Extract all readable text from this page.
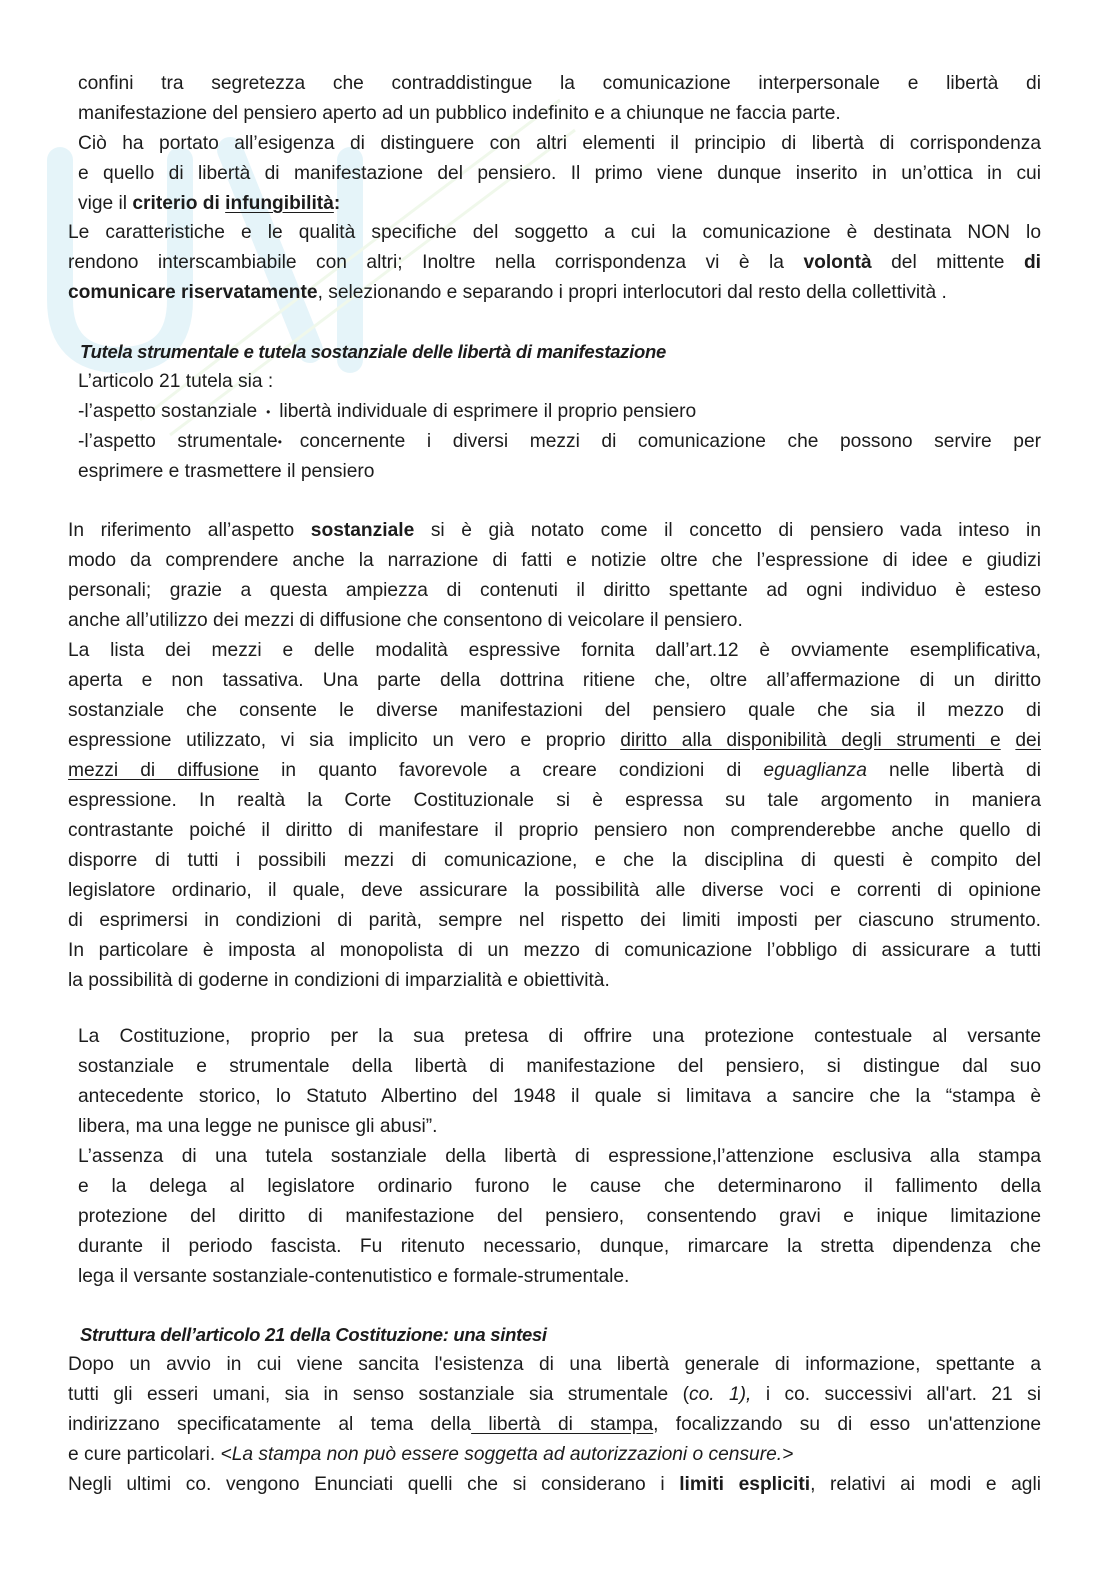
confini tra segretezza che contraddistingue la comunicazione interpersonale e libertà di
manifestazione del pensiero aperto ad un pubblico indefinito e a chiunque ne faccia parte.
Ciò ha portato all’esigenza di distinguere con altri elementi il principio di libertà di corrispondenza
e quello di libertà di manifestazione del pensiero. Il primo viene dunque inserito in un’ottica in cui
vige il criterio di infungibilità:
Le caratteristiche e le qualità specifiche del soggetto a cui la comunicazione è destinata NON lo
rendono interscambiabile con altri; Inoltre nella corrispondenza vi è la volontà del mittente di
comunicare riservatamente, selezionando e separando i propri interlocutori dal resto della collettività .
Tutela strumentale e tutela sostanziale delle libertà di manifestazione
L’articolo 21 tutela sia :
-l’aspetto sostanziale • libertà individuale di esprimere il proprio pensiero
-l’aspetto strumentale• concernente i diversi mezzi di comunicazione che possono servire per
esprimere e trasmettere il pensiero
In riferimento all’aspetto sostanziale si è già notato come il concetto di pensiero vada inteso in
modo da comprendere anche la narrazione di fatti e notizie oltre che l’espressione di idee e giudizi
personali; grazie a questa ampiezza di contenuti il diritto spettante ad ogni individuo è esteso
anche all’utilizzo dei mezzi di diffusione che consentono di veicolare il pensiero.
La lista dei mezzi e delle modalità espressive fornita dall’art.12 è ovviamente esemplificativa,
aperta e non tassativa. Una parte della dottrina ritiene che, oltre all’affermazione di un diritto
sostanziale che consente le diverse manifestazioni del pensiero quale che sia il mezzo di
espressione utilizzato, vi sia implicito un vero e proprio diritto alla disponibilità degli strumenti e dei
mezzi di diffusione in quanto favorevole a creare condizioni di eguaglianza nelle libertà di
espressione. In realtà la Corte Costituzionale si è espressa su tale argomento in maniera
contrastante poiché il diritto di manifestare il proprio pensiero non comprenderebbe anche quello di
disporre di tutti i possibili mezzi di comunicazione, e che la disciplina di questi è compito del
legislatore ordinario, il quale, deve assicurare la possibilità alle diverse voci e correnti di opinione
di esprimersi in condizioni di parità, sempre nel rispetto dei limiti imposti per ciascuno strumento.
In particolare è imposta al monopolista di un mezzo di comunicazione l’obbligo di assicurare a tutti
la possibilità di goderne in condizioni di imparzialità e obiettività.
La Costituzione, proprio per la sua pretesa di offrire una protezione contestuale al versante
sostanziale e strumentale della libertà di manifestazione del pensiero, si distingue dal suo
antecedente storico, lo Statuto Albertino del 1948 il quale si limitava a sancire che la “stampa è
libera, ma una legge ne punisce gli abusi”.
L’assenza di una tutela sostanziale della libertà di espressione,l’attenzione esclusiva alla stampa
e la delega al legislatore ordinario furono le cause che determinarono il fallimento della
protezione del diritto di manifestazione del pensiero, consentendo gravi e inique limitazione
durante il periodo fascista. Fu ritenuto necessario, dunque, rimarcare la stretta dipendenza che
lega il versante sostanziale-contenutistico e formale-strumentale.
Struttura dell’articolo 21 della Costituzione: una sintesi
Dopo un avvio in cui viene sancita l'esistenza di una libertà generale di informazione, spettante a
tutti gli esseri umani, sia in senso sostanziale sia strumentale (co. 1), i co. successivi all'art. 21 si
indirizzano specificatamente al tema della libertà di stampa, focalizzando su di esso un'attenzione
e cure particolari. <La stampa non può essere soggetta ad autorizzazioni o censure.>
Negli ultimi co. vengono Enunciati quelli che si considerano i limiti espliciti, relativi ai modi e agli
